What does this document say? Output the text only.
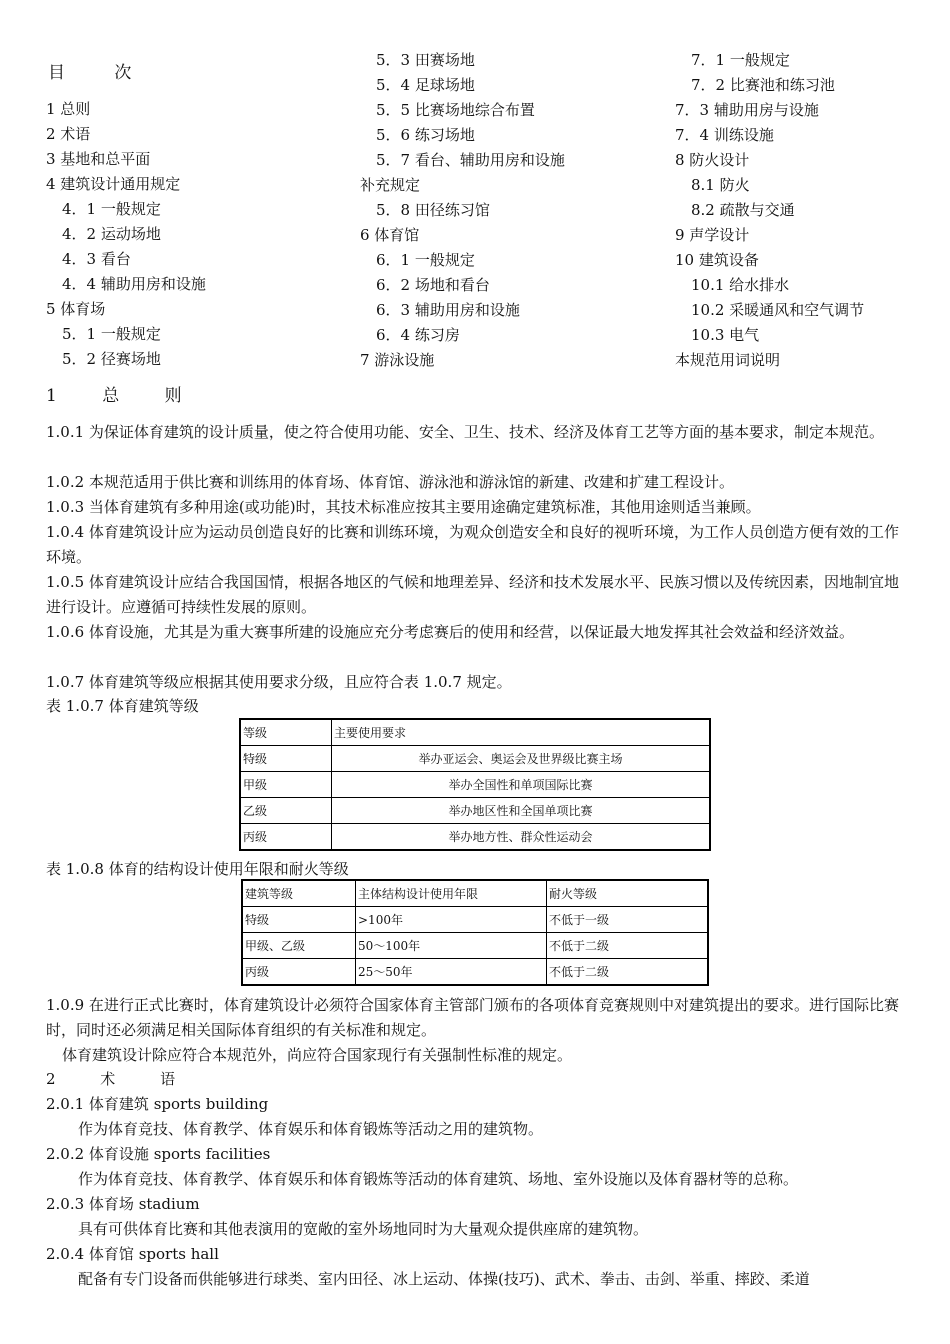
目 次
1 总则
2 术语
3 基地和总平面
4 建筑设计通用规定
4．1 一般规定
4．2 运动场地
4．3 看台
4．4 辅助用房和设施
5 体育场
5．1 一般规定
5．2 径赛场地
5．3 田赛场地
5．4 足球场地
5．5 比赛场地综合布置
5．6 练习场地
5．7 看台、辅助用房和设施
补充规定
5．8 田径练习馆
6 体育馆
6．1 一般规定
6．2 场地和看台
6．3 辅助用房和设施
6．4 练习房
7 游泳设施
7．1 一般规定
7．2 比赛池和练习池
7．3 辅助用房与设施
7．4 训练设施
8 防火设计
8.1 防火
8.2 疏散与交通
9 声学设计
10 建筑设备
10.1 给水排水
10.2 采暖通风和空气调节
10.3 电气
本规范用词说明
1 总 则
1.0.1 为保证体育建筑的设计质量，使之符合使用功能、安全、卫生、技术、经济及体育工艺等方面的基本要求，制定本规范。
1.0.2 本规范适用于供比赛和训练用的体育场、体育馆、游泳池和游泳馆的新建、改建和扩建工程设计。
1.0.3 当体育建筑有多种用途(或功能)时，其技术标准应按其主要用途确定建筑标准，其他用途则适当兼顾。
1.0.4 体育建筑设计应为运动员创造良好的比赛和训练环境，为观众创造安全和良好的视听环境，为工作人员创造方便有效的工作环境。
1.0.5 体育建筑设计应结合我国国情，根据各地区的气候和地理差异、经济和技术发展水平、民族习惯以及传统因素，因地制宜地进行设计。应遵循可持续性发展的原则。
1.0.6 体育设施，尤其是为重大赛事所建的设施应充分考虑赛后的使用和经营，以保证最大地发挥其社会效益和经济效益。
1.0.7 体育建筑等级应根据其使用要求分级，且应符合表 1.0.7 规定。
表 1.0.7 体育建筑等级
等级	主要使用要求
特级	举办亚运会、奥运会及世界级比赛主场
甲级	举办全国性和单项国际比赛
乙级	举办地区性和全国单项比赛
丙级	举办地方性、群众性运动会
表 1.0.8 体育的结构设计使用年限和耐火等级
建筑等级	主体结构设计使用年限	耐火等级
特级	>100年	不低于一级
甲级、乙级	50～100年	不低于二级
丙级	25～50年	不低于二级
1.0.9 在进行正式比赛时，体育建筑设计必须符合国家体育主管部门颁布的各项体育竞赛规则中对建筑提出的要求。进行国际比赛时，同时还必须满足相关国际体育组织的有关标准和规定。
体育建筑设计除应符合本规范外，尚应符合国家现行有关强制性标准的规定。
2 术 语
2.0.1 体育建筑 sports building
作为体育竞技、体育教学、体育娱乐和体育锻炼等活动之用的建筑物。
2.0.2 体育设施 sports facilities
作为体育竞技、体育教学、体育娱乐和体育锻炼等活动的体育建筑、场地、室外设施以及体育器材等的总称。
2.0.3 体育场 stadium
具有可供体育比赛和其他表演用的宽敞的室外场地同时为大量观众提供座席的建筑物。
2.0.4 体育馆 sports hall
配备有专门设备而供能够进行球类、室内田径、冰上运动、体操(技巧)、武术、拳击、击剑、举重、摔跤、柔道
